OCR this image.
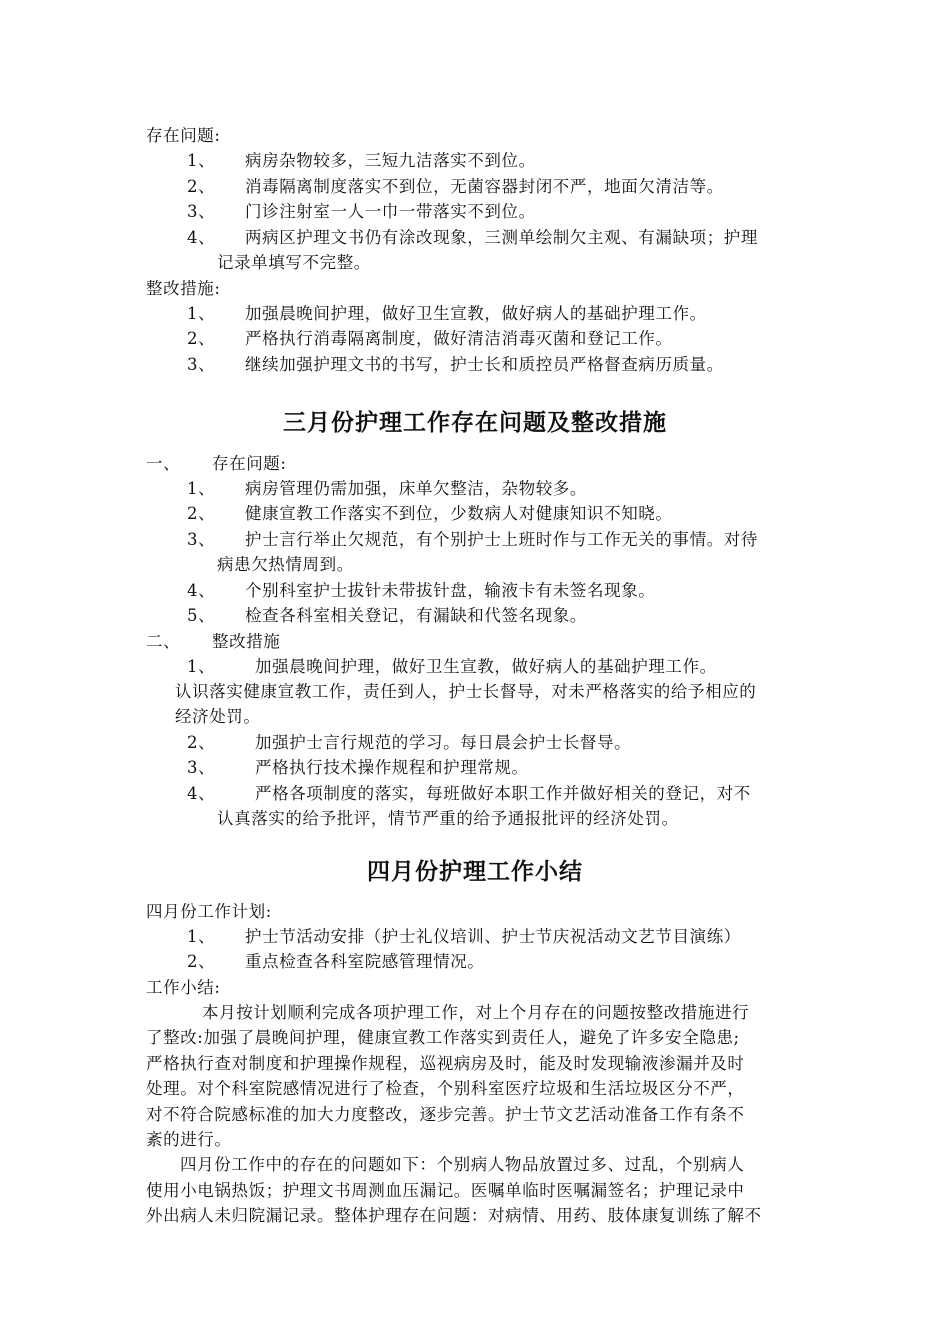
存在问题:
1、 病房杂物较多，三短九洁落实不到位。
2、 消毒隔离制度落实不到位，无菌容器封闭不严，地面欠清洁等。
3、 门诊注射室一人一巾一带落实不到位。
4、 两病区护理文书仍有涂改现象，三测单绘制欠主观、有漏缺项；护理
记录单填写不完整。
整改措施:
1、 加强晨晚间护理，做好卫生宣教，做好病人的基础护理工作。
2、 严格执行消毒隔离制度，做好清洁消毒灭菌和登记工作。
3、 继续加强护理文书的书写，护士长和质控员严格督查病历质量。
三月份护理工作存在问题及整改措施
一、 存在问题:
1、 病房管理仍需加强，床单欠整洁，杂物较多。
2、 健康宣教工作落实不到位，少数病人对健康知识不知晓。
3、 护士言行举止欠规范，有个别护士上班时作与工作无关的事情。对待
病患欠热情周到。
4、 个别科室护士拔针未带拔针盘，输液卡有未签名现象。
5、 检查各科室相关登记，有漏缺和代签名现象。
二、 整改措施
1、 加强晨晚间护理，做好卫生宣教，做好病人的基础护理工作。
认识落实健康宣教工作，责任到人，护士长督导，对未严格落实的给予相应的
经济处罚。
2、 加强护士言行规范的学习。每日晨会护士长督导。
3、 严格执行技术操作规程和护理常规。
4、 严格各项制度的落实，每班做好本职工作并做好相关的登记，对不
认真落实的给予批评，情节严重的给予通报批评的经济处罚。
四月份护理工作小结
四月份工作计划:
1、 护士节活动安排（护士礼仪培训、护士节庆祝活动文艺节目演练）
2、 重点检查各科室院感管理情况。
工作小结:
本月按计划顺利完成各项护理工作，对上个月存在的问题按整改措施进行
了整改:加强了晨晚间护理，健康宣教工作落实到责任人，避免了许多安全隐患;
严格执行查对制度和护理操作规程，巡视病房及时，能及时发现输液渗漏并及时
处理。对个科室院感情况进行了检查，个别科室医疗垃圾和生活垃圾区分不严，
对不符合院感标准的加大力度整改，逐步完善。护士节文艺活动准备工作有条不
紊的进行。
四月份工作中的存在的问题如下：个别病人物品放置过多、过乱，个别病人
使用小电锅热饭；护理文书周测血压漏记。医嘱单临时医嘱漏签名；护理记录中
外出病人未归院漏记录。整体护理存在问题：对病情、用药、肢体康复训练了解不
